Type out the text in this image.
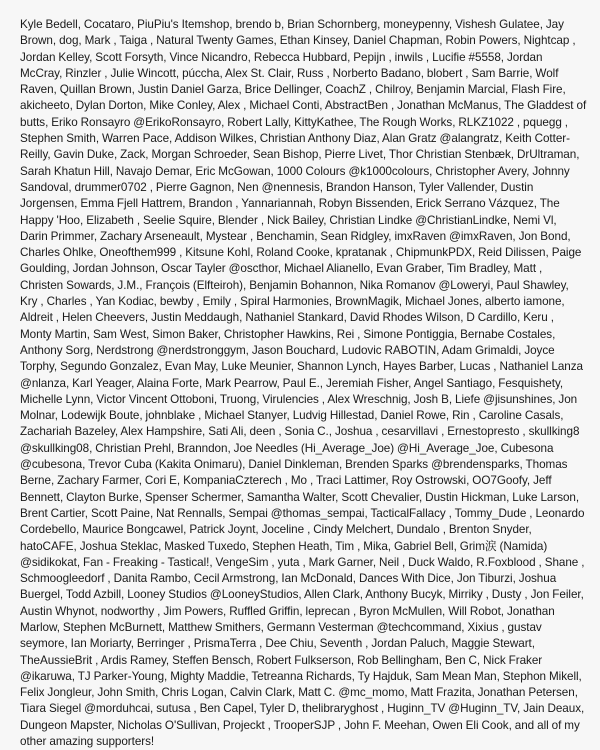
Kyle Bedell, Cocataro, PiuPiu's Itemshop, brendo b, Brian Schornberg, moneypenny, Vishesh Gulatee, Jay Brown, dog, Mark , Taiga , Natural Twenty Games, Ethan Kinsey, Daniel Chapman, Robin Powers, Nightcap , Jordan Kelley, Scott Forsyth, Vince Nicandro, Rebecca Hubbard, Pepijn , inwils , Lucifie #5558, Jordan McCray, Rinzler , Julie Wincott, púccha, Alex St. Clair, Russ , Norberto Badano, blobert , Sam Barrie, Wolf Raven, Quillan Brown, Justin Daniel Garza, Brice Dellinger, CoachZ , Chilroy, Benjamin Marcial, Flash Fire, akicheeto, Dylan Dorton, Mike Conley, Alex , Michael Conti, AbstractBen , Jonathan McManus, The Gladdest of butts, Eriko Ronsayro @ErikoRonsayro, Robert Lally, KittyKathee, The Rough Works, RLKZ1022 , pquegg , Stephen Smith, Warren Pace, Addison Wilkes, Christian Anthony Diaz, Alan Gratz @alangratz, Keith Cotter-Reilly, Gavin Duke, Zack, Morgan Schroeder, Sean Bishop, Pierre Livet, Thor Christian Stenbæk, DrUltraman, Sarah Khatun Hill, Navajo Demar, Eric McGowan, 1000 Colours @k1000colours, Christopher Avery, Johnny Sandoval, drummer0702 , Pierre Gagnon, Nen @nennesis, Brandon Hanson, Tyler Vallender, Dustin Jorgensen, Emma Fjell Hattrem, Brandon , Yannariannah, Robyn Bissenden, Erick Serrano Vázquez, The Happy 'Hoo, Elizabeth , Seelie Squire, Blender , Nick Bailey, Christian Lindke @ChristianLindke, Nemi Vl, Darin Primmer, Zachary Arseneault, Mystear , Benchamin, Sean Ridgley, imxRaven @imxRaven, Jon Bond, Charles Ohlke, Oneofthem999 , Kitsune Kohl, Roland Cooke, kpratanak , ChipmunkPDX, Reid Dilissen, Paige Goulding, Jordan Johnson, Oscar Tayler @oscthor, Michael Alianello, Evan Graber, Tim Bradley, Matt , Christen Sowards, J.M., François (Elfteiroh), Benjamin Bohannon, Nika Romanov @Loweryi, Paul Shawley, Kry , Charles , Yan Kodiac, bewby , Emily , Spiral Harmonies, BrownMagik, Michael Jones, alberto iamone, Aldreit , Helen Cheevers, Justin Meddaugh, Nathaniel Stankard, David Rhodes Wilson, D Cardillo, Keru , Monty Martin, Sam West, Simon Baker, Christopher Hawkins, Rei , Simone Pontiggia, Bernabe Costales, Anthony Sorg, Nerdstrong @nerdstronggym, Jason Bouchard, Ludovic RABOTIN, Adam Grimaldi, Joyce Torphy, Segundo Gonzalez, Evan May, Luke Meunier, Shannon Lynch, Hayes Barber, Lucas , Nathaniel Lanza @nlanza, Karl Yeager, Alaina Forte, Mark Pearrow, Paul E., Jeremiah Fisher, Angel Santiago, Fesquishety, Michelle Lynn, Victor Vincent Ottoboni, Truong, Virulencies , Alex Wreschnig, Josh B, Liefe @jisunshines, Jon Molnar, Lodewijk Boute, johnblake , Michael Stanyer, Ludvig Hillestad, Daniel Rowe, Rin , Caroline Casals, Zachariah Bazeley, Alex Hampshire, Sati Ali, deen , Sonia C., Joshua , cesarvillavi , Ernestopresto , skullking8 @skullking08, Christian Prehl, Branndon, Joe Needles (Hi_Average_Joe) @Hi_Average_Joe, Cubesona @cubesona, Trevor Cuba (Kakita Onimaru), Daniel Dinkleman, Brenden Sparks @brendensparks, Thomas Berne, Zachary Farmer, Cori E, KompaniaCzterech , Mo , Traci Lattimer, Roy Ostrowski, OO7Goofy, Jeff Bennett, Clayton Burke, Spenser Schermer, Samantha Walter, Scott Chevalier, Dustin Hickman, Luke Larson, Brent Cartier, Scott Paine, Nat Rennalls, Sempai @thomas_sempai, TacticalFallacy , Tommy_Dude , Leonardo Cordebello, Maurice Bongcawel, Patrick Joynt, Joceline , Cindy Melchert, Dundalo , Brenton Snyder, hatoCAFE, Joshua Steklac, Masked Tuxedo, Stephen Heath, Tim , Mika, Gabriel Bell, Grim涙 (Namida) @sidikokat, Fan - Freaking - Tastical!, VengeSim , yuta , Mark Garner, Neil , Duck Waldo, R.Foxblood , Shane , Schmoogleedorf , Danita Rambo, Cecil Armstrong, Ian McDonald, Dances With Dice, Jon Tiburzi, Joshua Buergel, Todd Azbill, Looney Studios @LooneyStudios, Allen Clark, Anthony Bucyk, Mirriky , Dusty , Jon Feiler, Austin Whynot, nodworthy , Jim Powers, Ruffled Griffin, leprecan , Byron McMullen, Will Robot, Jonathan Marlow, Stephen McBurnett, Matthew Smithers, Germann Vesterman @techcommand, Xixius , gustav seymore, Ian Moriarty, Berringer , PrismaTerra , Dee Chiu, Seventh , Jordan Paluch, Maggie Stewart, TheAussieBrit , Ardis Ramey, Steffen Bensch, Robert Fulkserson, Rob Bellingham, Ben C, Nick Fraker @ikaruwa, TJ Parker-Young, Mighty Maddie, Tetreanna Richards, Ty Hajduk, Sam Mean Man, Stephon Mikell, Felix Jongleur, John Smith, Chris Logan, Calvin Clark, Matt C. @mc_momo, Matt Frazita, Jonathan Petersen, Tiara Siegel @morduhcai, sutusa , Ben Capel, Tyler D, thelibraryghost , Huginn_TV @Huginn_TV, Jain Deaux, Dungeon Mapster, Nicholas O'Sullivan, Projeckt , TrooperSJP , John F. Meehan, Owen Eli Cook, and all of my other amazing supporters!
